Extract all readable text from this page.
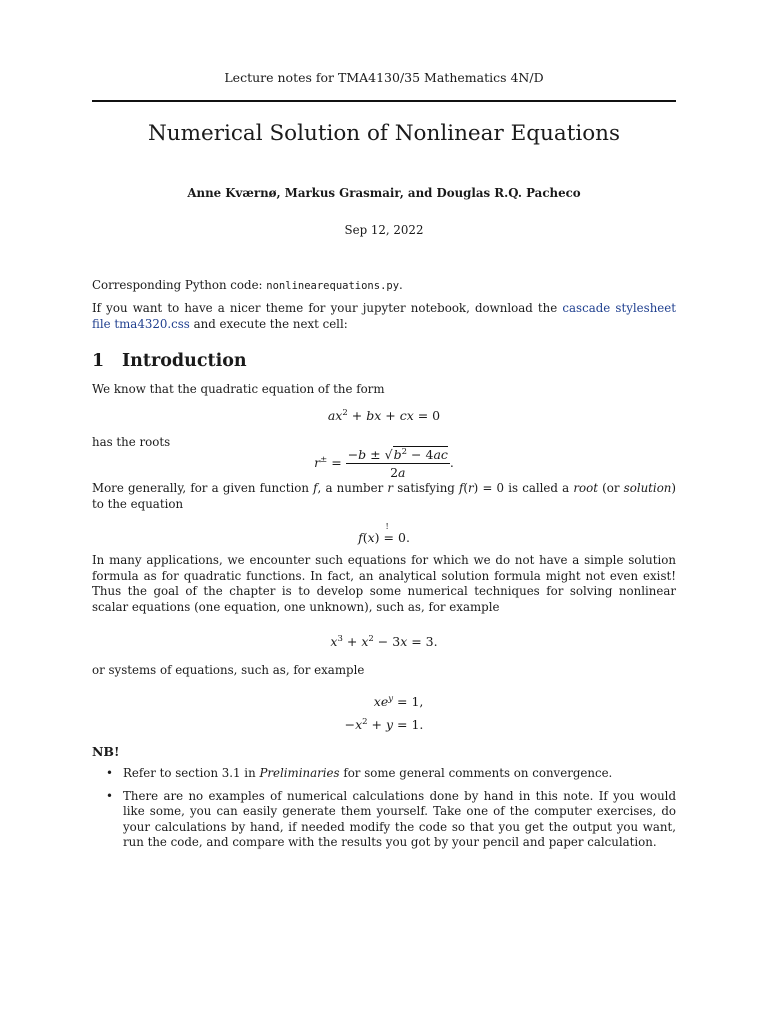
Lecture notes for TMA4130/35 Mathematics 4N/D
Numerical Solution of Nonlinear Equations
Anne Kværnø, Markus Grasmair, and Douglas R.Q. Pacheco
Sep 12, 2022
Corresponding Python code: nonlinearequations.py.
If you want to have a nicer theme for your jupyter notebook, download the cascade stylesheet file tma4320.css and execute the next cell:
1 Introduction
We know that the quadratic equation of the form
$ax^2$ + bx + cx = 0
has the roots
$r^\pm = \frac{-b \pm √b^2 - 4ac}{2a}$ .
More generally, for a given function f, a number r satisfying f(r) = 0 is called a root (or solution) to the equation
f(x) =
!
0.
In many applications, we encounter such equations for which we do not have a simple solution formula as for quadratic functions. In fact, an analytical solution formula might not even exist! Thus the goal of the chapter is to develop some numerical techniques for solving nonlinear scalar equations (one equation, one unknown), such as, for example
$x^3 + x^2 - 3x = 3$.
or systems of equations, such as, for example
$xe^y = 1$,
$-x^2 + y = 1$.
NB!
• Refer to section 3.1 in Preliminaries for some general comments on convergence.
• There are no examples of numerical calculations done by hand in this note. If you would like some, you can easily generate them yourself. Take one of the computer exercises, do your calculations by hand, if needed modify the code so that you get the output you want, run the code, and compare with the results you got by your pencil and paper calculation.
